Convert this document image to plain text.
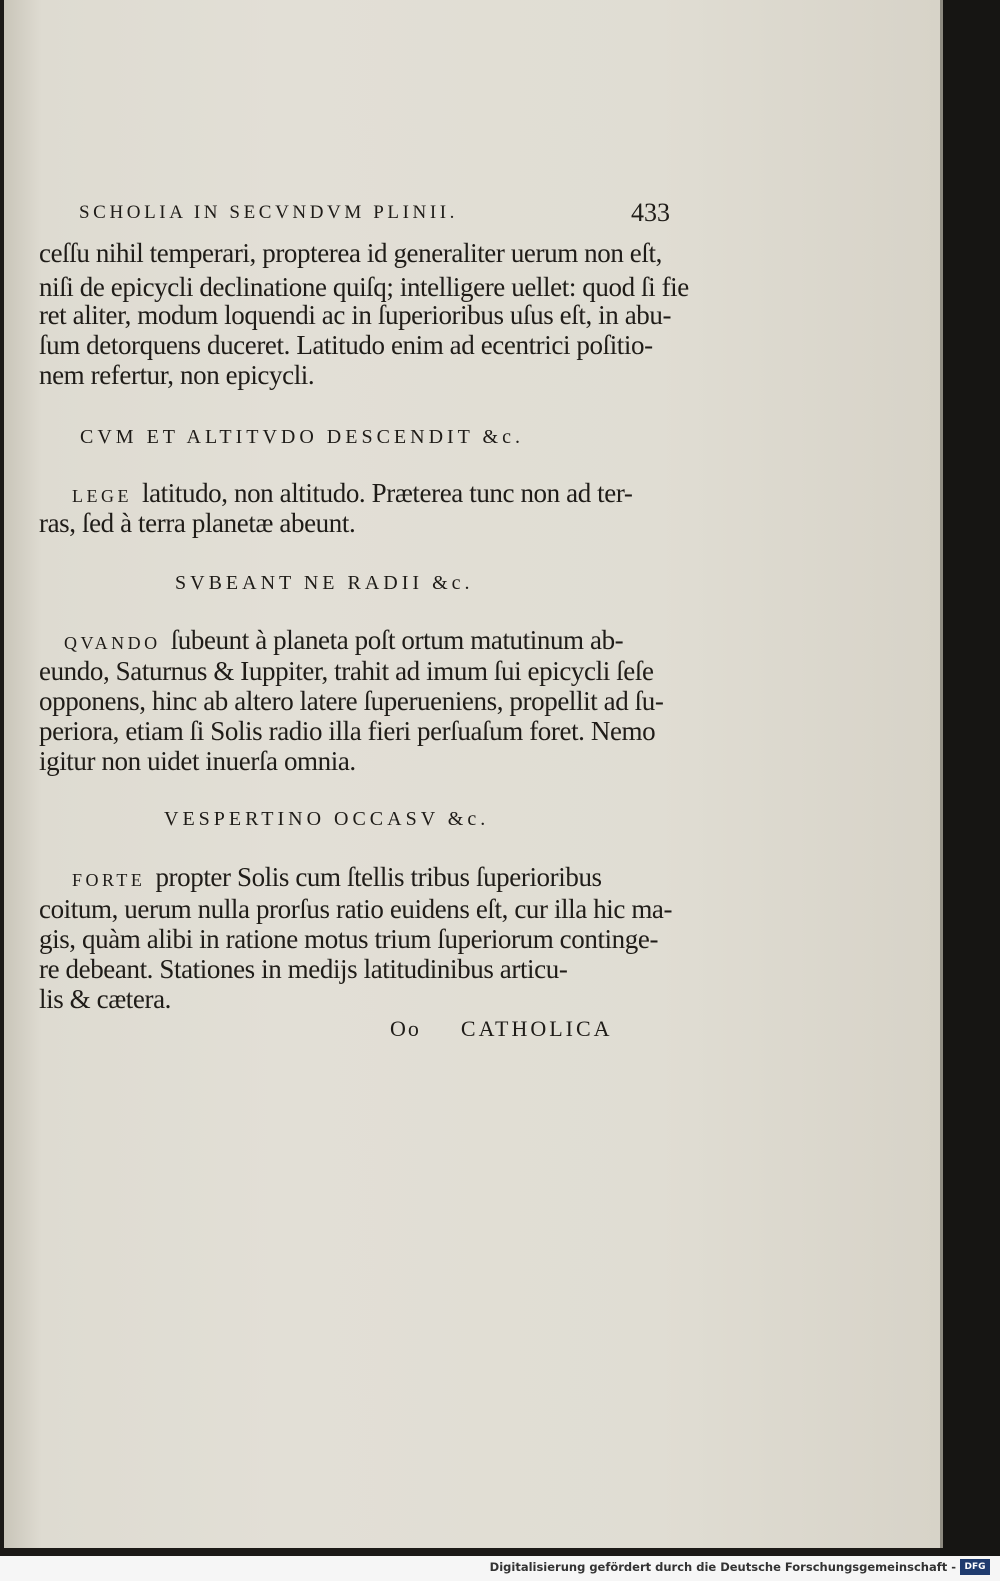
SCHOLIA IN SECVNDVM PLINII.	433
ceſſu nihil temperari, propterea id generaliter uerum non eſt,
niſi de epicycli declinatione quiſq; intelligere uellet: quod ſi fie
ret aliter, modum loquendi ac in ſuperioribus uſus eſt, in abu-
ſum detorquens duceret. Latitudo enim ad ecentrici poſitio-
nem refertur, non epicycli.
CVM ET ALTITVDO DESCENDIT &c.
LEGE latitudo, non altitudo. Præterea tunc non ad ter-
ras, ſed à terra planetæ abeunt.
SVBEANT NE RADII &c.
QVANDO ſubeunt à planeta poſt ortum matutinum ab-
eundo, Saturnus & Iuppiter, trahit ad imum ſui epicycli ſeſe
opponens, hinc ab altero latere ſuperueniens, propellit ad ſu-
periora, etiam ſi Solis radio illa fieri perſuaſum foret. Nemo
igitur non uidet inuerſa omnia.
VESPERTINO OCCASV &c.
FORTE propter Solis cum ſtellis tribus ſuperioribus
coitum, uerum nulla prorſus ratio euidens eſt, cur illa hic ma-
gis, quàm alibi in ratione motus trium ſuperiorum continge-
re debeant. Stationes in medijs latitudinibus articu-
lis & cætera.
Oo CATHOLICA
Digitalisierung gefördert durch die Deutsche Forschungsgemeinschaft - DFG
